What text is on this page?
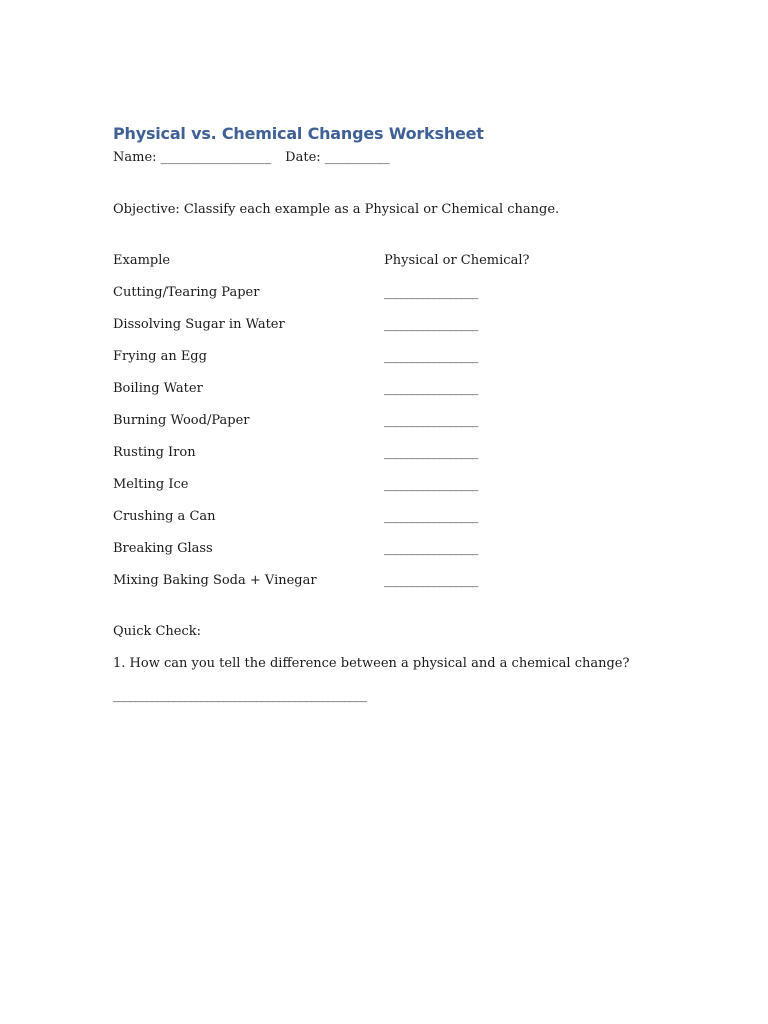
Physical vs. Chemical Changes Worksheet
Name: _________________ Date: __________
Objective: Classify each example as a Physical or Chemical change.
Example	Physical or Chemical?
Cutting/Tearing Paper	_________________
Dissolving Sugar in Water	_________________
Frying an Egg	_________________
Boiling Water	_________________
Burning Wood/Paper	_________________
Rusting Iron	_________________
Melting Ice	_________________
Crushing a Can	_________________
Breaking Glass	_________________
Mixing Baking Soda + Vinegar	_________________
Quick Check:
1. How can you tell the difference between a physical and a chemical change?
______________________________________________
